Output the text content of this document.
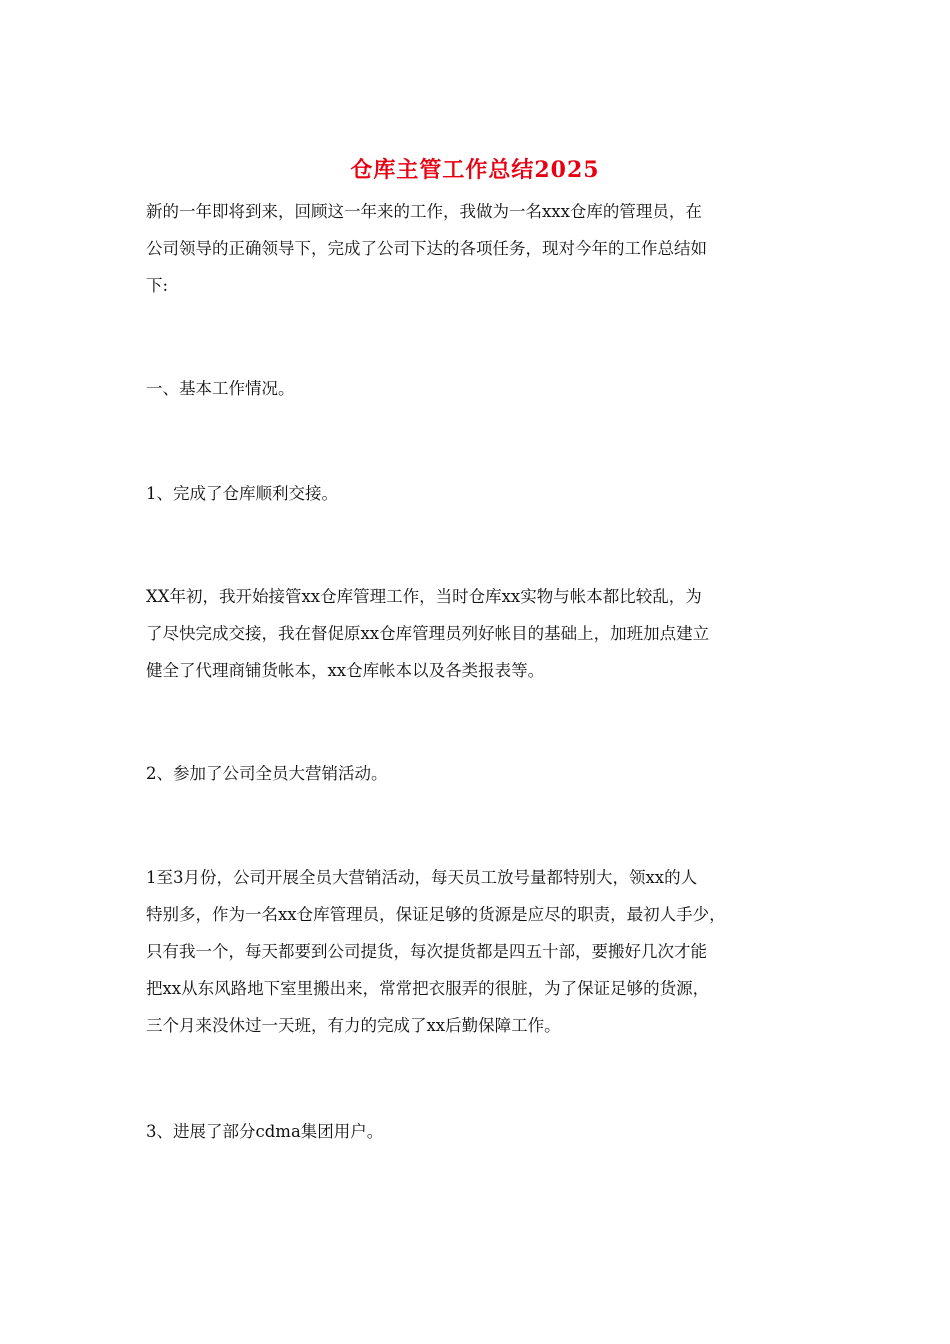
仓库主管工作总结2025
新的一年即将到来，回顾这一年来的工作，我做为一名xxx仓库的管理员，在
公司领导的正确领导下，完成了公司下达的各项任务，现对今年的工作总结如
下:
一、基本工作情况。
1、完成了仓库顺利交接。
XX年初，我开始接管xx仓库管理工作，当时仓库xx实物与帐本都比较乱，为
了尽快完成交接，我在督促原xx仓库管理员列好帐目的基础上，加班加点建立
健全了代理商铺货帐本，xx仓库帐本以及各类报表等。
2、参加了公司全员大营销活动。
1至3月份，公司开展全员大营销活动，每天员工放号量都特别大，领xx的人
特别多，作为一名xx仓库管理员，保证足够的货源是应尽的职责，最初人手少，
只有我一个，每天都要到公司提货，每次提货都是四五十部，要搬好几次才能
把xx从东风路地下室里搬出来，常常把衣服弄的很脏，为了保证足够的货源，
三个月来没休过一天班，有力的完成了xx后勤保障工作。
3、进展了部分cdma集团用户。
